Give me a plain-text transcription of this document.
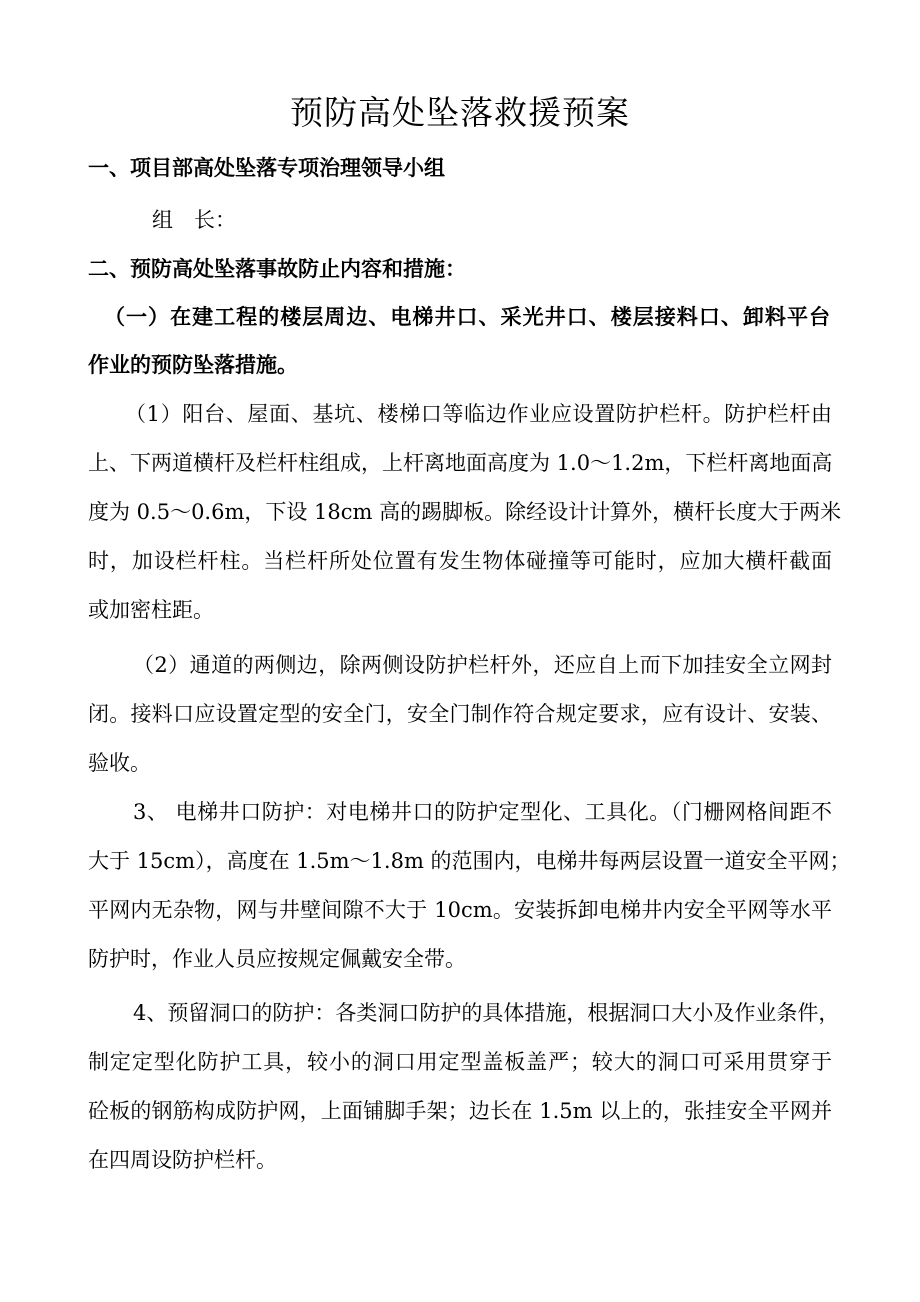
预防高处坠落救援预案
一、项目部高处坠落专项治理领导小组
组　长：
二、预防高处坠落事故防止内容和措施：
（一）在建工程的楼层周边、电梯井口、采光井口、楼层接料口、卸料平台
作业的预防坠落措施。
（1）阳台、屋面、基坑、楼梯口等临边作业应设置防护栏杆。防护栏杆由
上、下两道横杆及栏杆柱组成，上杆离地面高度为 1.0～1.2m，下栏杆离地面高
度为 0.5～0.6m，下设 18cm 高的踢脚板。除经设计计算外，横杆长度大于两米
时，加设栏杆柱。当栏杆所处位置有发生物体碰撞等可能时，应加大横杆截面
或加密柱距。
（2）通道的两侧边，除两侧设防护栏杆外，还应自上而下加挂安全立网封
闭。接料口应设置定型的安全门，安全门制作符合规定要求，应有设计、安装、
验收。
3、 电梯井口防护：对电梯井口的防护定型化、工具化。（门栅网格间距不
大于 15cm），高度在 1.5m～1.8m 的范围内，电梯井每两层设置一道安全平网；
平网内无杂物，网与井壁间隙不大于 10cm。安装拆卸电梯井内安全平网等水平
防护时，作业人员应按规定佩戴安全带。
4、预留洞口的防护：各类洞口防护的具体措施，根据洞口大小及作业条件，
制定定型化防护工具，较小的洞口用定型盖板盖严；较大的洞口可采用贯穿于
砼板的钢筋构成防护网，上面铺脚手架；边长在 1.5m 以上的，张挂安全平网并
在四周设防护栏杆。
